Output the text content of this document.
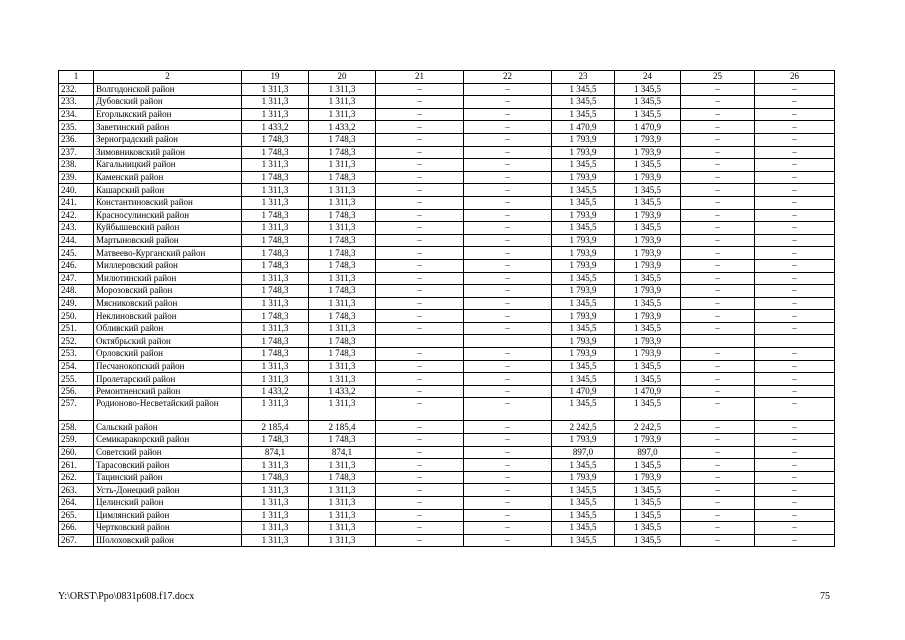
1	2	19	20	21	22	23	24	25	26
232.	Волгодонской район	1 311,3	1 311,3	–	–	1 345,5	1 345,5	–	–
233.	Дубовский район	1 311,3	1 311,3	–	–	1 345,5	1 345,5	–	–
234.	Егорлыкский район	1 311,3	1 311,3	–	–	1 345,5	1 345,5	–	–
235.	Заветинский район	1 433,2	1 433,2	–	–	1 470,9	1 470,9	–	–
236.	Зерноградский район	1 748,3	1 748,3	–	–	1 793,9	1 793,9	–	–
237.	Зимовниковский район	1 748,3	1 748,3	–	–	1 793,9	1 793,9	–	–
238.	Кагальницкий район	1 311,3	1 311,3	–	–	1 345,5	1 345,5	–	–
239.	Каменский район	1 748,3	1 748,3	–	–	1 793,9	1 793,9	–	–
240.	Кашарский район	1 311,3	1 311,3	–	–	1 345,5	1 345,5	–	–
241.	Константиновский район	1 311,3	1 311,3	–	–	1 345,5	1 345,5	–	–
242.	Красносулинский район	1 748,3	1 748,3	–	–	1 793,9	1 793,9	–	–
243.	Куйбышевский район	1 311,3	1 311,3	–	–	1 345,5	1 345,5	–	–
244.	Мартыновский район	1 748,3	1 748,3	–	–	1 793,9	1 793,9	–	–
245.	Матвеево-Курганский район	1 748,3	1 748,3	–	–	1 793,9	1 793,9	–	–
246.	Миллеровский район	1 748,3	1 748,3	–	–	1 793,9	1 793,9	–	–
247.	Милютинский район	1 311,3	1 311,3	–	–	1 345,5	1 345,5	–	–
248.	Морозовский район	1 748,3	1 748,3	–	–	1 793,9	1 793,9	–	–
249.	Мясниковский район	1 311,3	1 311,3	–	–	1 345,5	1 345,5	–	–
250.	Неклиновский район	1 748,3	1 748,3	–	–	1 793,9	1 793,9	–	–
251.	Обливский район	1 311,3	1 311,3	–	–	1 345,5	1 345,5	–	–
252.	Октябрьский район	1 748,3	1 748,3			1 793,9	1 793,9		
253.	Орловский район	1 748,3	1 748,3	–	–	1 793,9	1 793,9	–	–
254.	Песчанокопский район	1 311,3	1 311,3	–	–	1 345,5	1 345,5	–	–
255.	Пролетарский район	1 311,3	1 311,3	–	–	1 345,5	1 345,5	–	–
256.	Ремонтненский район	1 433,2	1 433,2	–	–	1 470,9	1 470,9	–	–
257.	Родионово-Несветайский район	1 311,3	1 311,3	–	–	1 345,5	1 345,5	–	–
258.	Сальский район	2 185,4	2 185,4	–	–	2 242,5	2 242,5	–	–
259.	Семикаракорский район	1 748,3	1 748,3	–	–	1 793,9	1 793,9	–	–
260.	Советский район	874,1	874,1	–	–	897,0	897,0	–	–
261.	Тарасовский район	1 311,3	1 311,3	–	–	1 345,5	1 345,5	–	–
262.	Тацинский район	1 748,3	1 748,3	–	–	1 793,9	1 793,9	–	–
263.	Усть-Донецкий район	1 311,3	1 311,3	–	–	1 345,5	1 345,5	–	–
264.	Целинский район	1 311,3	1 311,3	–	–	1 345,5	1 345,5	–	–
265.	Цимлянский район	1 311,3	1 311,3	–	–	1 345,5	1 345,5	–	–
266.	Чертковский район	1 311,3	1 311,3	–	–	1 345,5	1 345,5	–	–
267.	Шолоховский район	1 311,3	1 311,3	–	–	1 345,5	1 345,5	–	–
Y:\ORST\Ppo\0831p608.f17.docx	75
